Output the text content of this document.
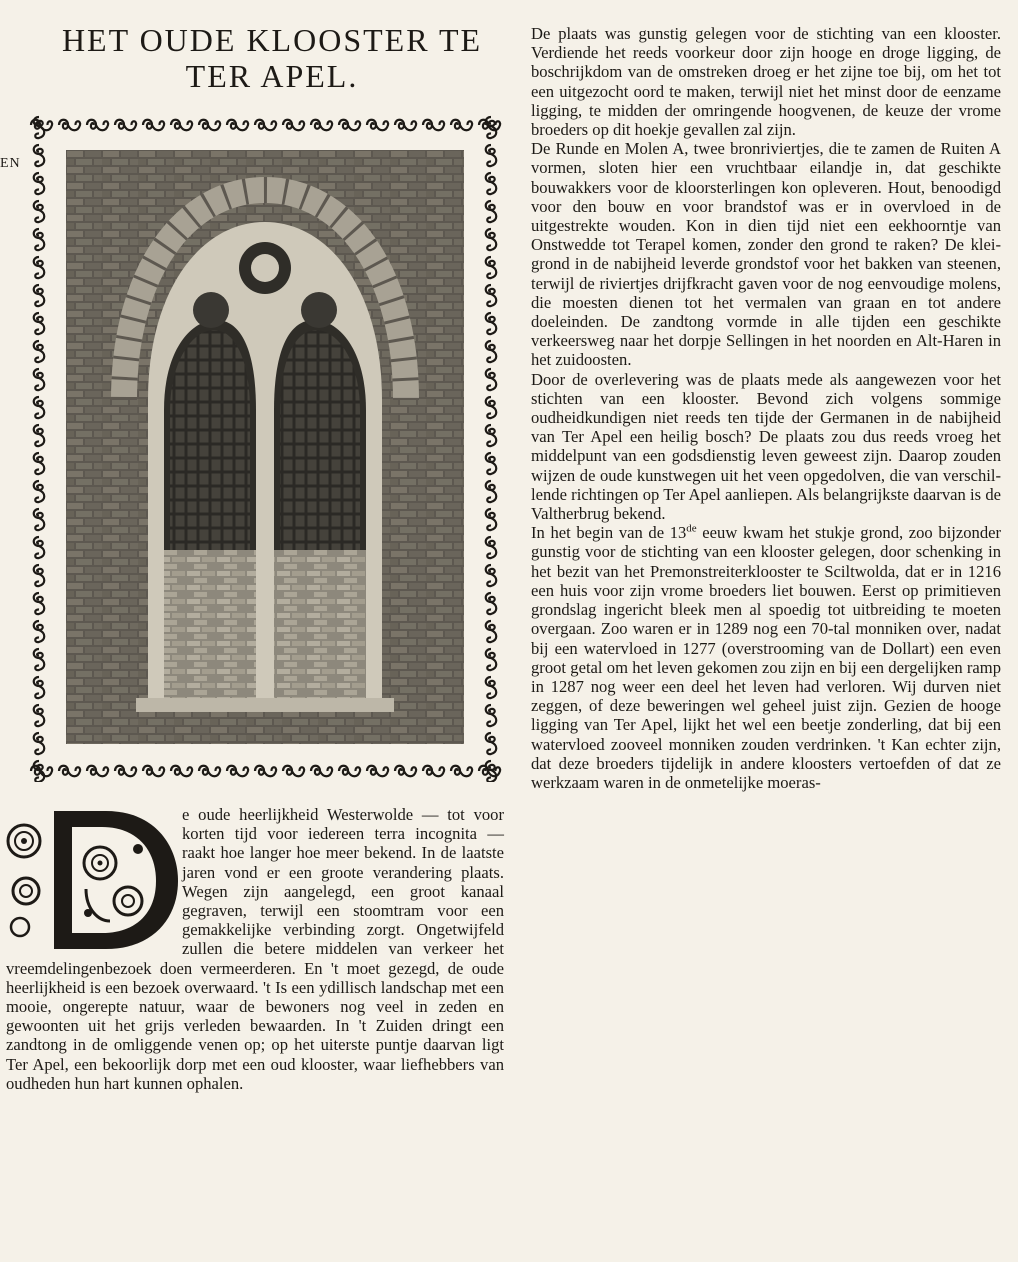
EN
HET OUDE KLOOSTER TE
TER APEL.

e oude heerlijkheid Westerwolde — tot voor korten tijd voor iedereen terra incognita — raakt hoe langer hoe meer bekend. In de laatste jaren vond er een groote verandering plaats. Wegen zijn aangelegd, een groot kanaal gegraven, terwijl een stoomtram voor een gemakkelijke verbinding zorgt. Ongetwijfeld zullen die betere middelen van verkeer het vreemdelingenbezoek doen vermeerderen. En 't moet gezegd, de oude heerlijkheid is een bezoek overwaard. 't Is een ydillisch landschap met een mooie, ongerepte natuur, waar de bewoners nog veel in zeden en gewoonten uit het grijs verleden bewaarden. In 't Zuiden dringt een zandtong in de omliggende venen op; op het uiterste puntje daarvan ligt Ter Apel, een bekoorlijk dorp met een oud klooster, waar liefhebbers van oudheden hun hart kunnen ophalen.

De plaats was gunstig gelegen voor de stichting van een klooster. Verdiende het reeds voorkeur door zijn hooge en droge ligging, de boschrijkdom van de omstreken droeg er het zijne toe bij, om het tot een uitgezocht oord te maken, terwijl niet het minst door de eenzame ligging, te midden der omringende hoogvenen, de keuze der vrome broeders op dit hoekje gevallen zal zijn.

De Runde en Molen A, twee bronriviertjes, die te zamen de Ruiten A vormen, sloten hier een vruchtbaar eilandje in, dat geschikte bouwakkers voor de kloorsterlingen kon opleveren. Hout, benoodigd voor den bouw en voor brandstof was er in overvloed in de uitgestrekte wouden. Kon in dien tijd niet een eekhoorntje van Onstwedde tot Terapel komen, zonder den grond te raken? De kleigrond in de nabijheid leverde grondstof voor het bakken van steenen, terwijl de riviertjes drijfkracht gaven voor de nog eenvoudige molens, die moesten dienen tot het vermalen van graan en tot andere doeleinden. De zandtong vormde in alle tijden een geschikte verkeersweg naar het dorpje Sellingen in het noorden en Alt-Haren in het zuidoosten.

Door de overlevering was de plaats mede als aangewezen voor het stichten van een klooster. Bevond zich volgens sommige oudheidkundigen niet reeds ten tijde der Germanen in de nabijheid van Ter Apel een heilig bosch? De plaats zou dus reeds vroeg het middelpunt van een godsdienstig leven geweest zijn. Daarop zouden wijzen de oude kunstwegen uit het veen opgedolven, die van verschillende richtingen op Ter Apel aanliepen. Als belangrijkste daarvan is de Valtherbrug bekend.

In het begin van de 13de eeuw kwam het stukje grond, zoo bijzonder gunstig voor de stichting van een klooster gelegen, door schenking in het bezit van het Premonstreiterklooster te Sciltwolda, dat er in 1216 een huis voor zijn vrome broeders liet bouwen. Eerst op primitieven grondslag ingericht bleek men al spoedig tot uitbreiding te moeten overgaan. Zoo waren er in 1289 nog een 70-tal monniken over, nadat bij een watervloed in 1277 (overstrooming van de Dollart) een even groot getal om het leven gekomen zou zijn en bij een dergelijken ramp in 1287 nog weer een deel het leven had verloren. Wij durven niet zeggen, of deze beweringen wel geheel juist zijn. Gezien de hooge ligging van Ter Apel, lijkt het wel een beetje zonderling, dat bij een watervloed zooveel monniken zouden verdrinken. 't Kan echter zijn, dat deze broeders tijdelijk in andere kloosters vertoefden of dat ze werkzaam waren in de onmetelijke moeras-
